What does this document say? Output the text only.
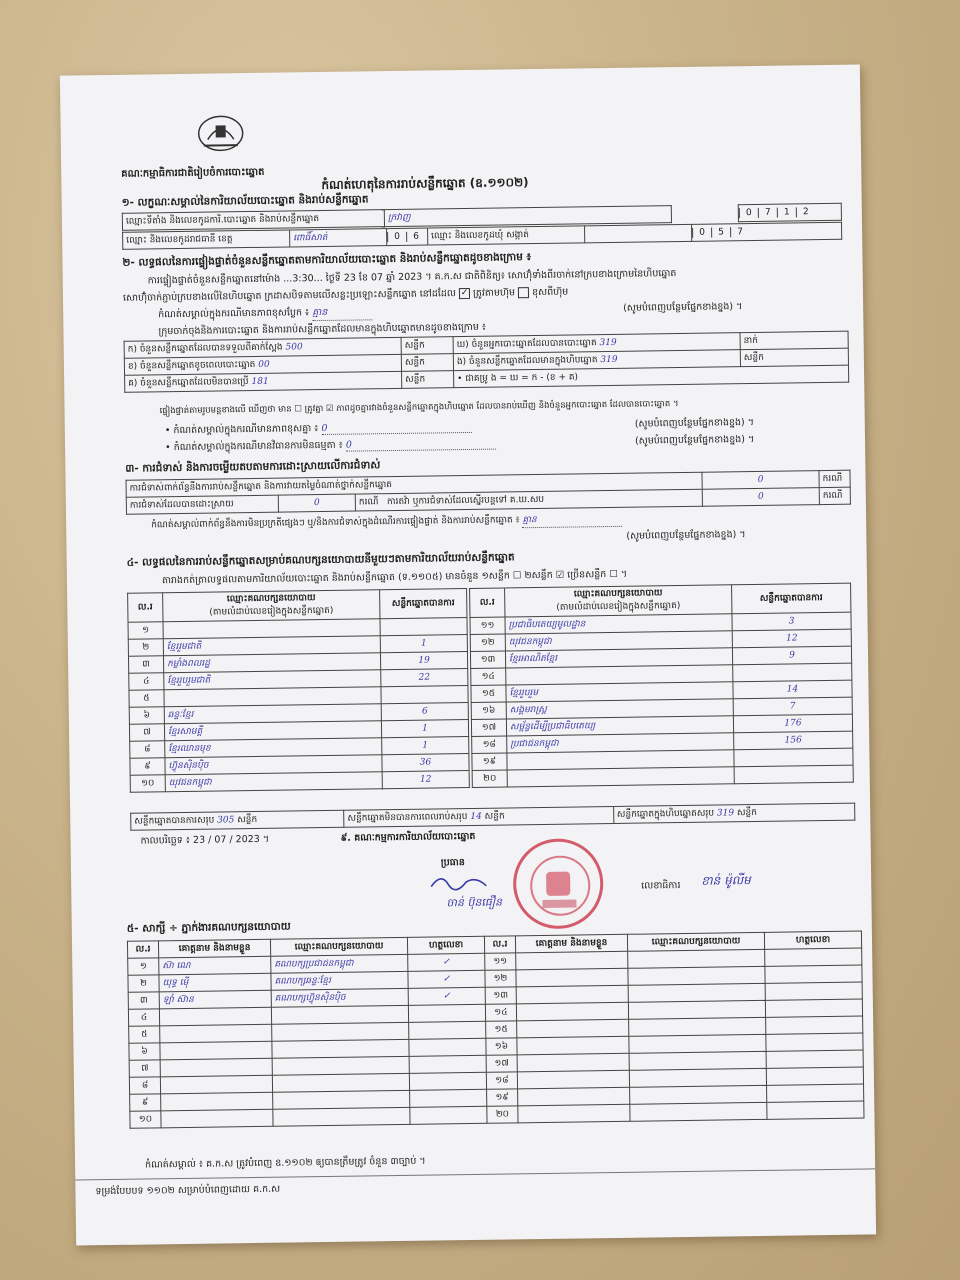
គណៈកម្មាធិការជាតិរៀបចំការបោះឆ្នោត
កំណត់ហេតុនៃការរាប់សន្លឹកឆ្នោត (ឧ.១១០២)
១- លក្ខណៈសម្គាល់នៃការិយាល័យបោះឆ្នោត និងរាប់សន្លឹកឆ្នោត
ឈ្មោះទីតាំង និងលេខកូដការិ.បោះឆ្នោត និងរាប់សន្លឹកឆ្នោត	ក្រវាញ		0 7 1 2
ឈ្មោះ និងលេខកូដរាជធានី ខេត្ត	ពោធិ៍សាត់	0 6	ឈ្មោះ និងលេខកូដឃុំ សង្កាត់		0 5 7
២- លទ្ធផលនៃការផ្ទៀងផ្ទាត់ចំនួនសន្លឹកឆ្នោតតាមការិយាល័យបោះឆ្នោត និងរាប់សន្លឹកឆ្នោតដូចខាងក្រោម ៖
ការផ្ទៀងផ្ទាត់ចំនួនសន្លឹកឆ្នោតនៅម៉ោង ...3:30... ថ្ងៃទី 23 ខែ 07 ឆ្នាំ 2023 ។ គ.ក.ស ជាតិពិនិត្យ៖ សោហ៊ុំទាំងពីរចាក់នៅក្របខាងក្រោមនៃហិបឆ្នោត
សោហ៊ុំចាក់ភ្ជាប់ក្របខាងលើនៃហិបឆ្នោត ក្រដាសបិទតាមលើសន្លះប្រឡោះសន្លឹកឆ្នោត នៅដដែល ✓ ត្រូវតាមហ៊ុម ខុសពីហ៊ុម
កំណត់សម្គាល់ក្នុងករណីមានភាពខុសប្លែក ៖ គ្មាន	(សូមបំពេញបន្ថែមផ្នែកខាងខ្នង) ។
ក្រុមចាក់ចុងនិងការបោះឆ្នោត និងការរាប់សន្លឹកឆ្នោតដែលមានក្នុងហិបឆ្នោតមានដូចខាងក្រោម ៖
ក) ចំនួនសន្លឹកឆ្នោតដែលបានទទួលពីគាក់ស្ពែង 500	សន្លឹក	ឃ) ចំនួនអ្នកបោះឆ្នោតដែលបានបោះឆ្នោត 319	នាក់
ខ) ចំនួនសន្លឹកឆ្នោតខូចពេលបោះឆ្នោត 00	សន្លឹក	ង) ចំនួនសន្លឹកឆ្នោតដែលមានក្នុងហិបឆ្នោត 319	សន្លឹក
គ) ចំនួនសន្លឹកឆ្នោតដែលមិនបានប្រើ 181	សន្លឹក	• ជាគម្រូ ង = ឃ = ក - (ខ + គ)	
ផ្ទៀងផ្ទាត់តាមរូបមន្តខាងលើ ឃើញថា មាន ☐ ត្រូវគ្នា ☑ ភាពដូចគ្នារវាងចំនួនសន្លឹកឆ្នោតក្នុងហិបឆ្នោត ដែលបានរាប់ឃើញ និងចំនួនអ្នកបោះឆ្នោត ដែលបានបោះឆ្នោត ។
• កំណត់សម្គាល់ក្នុងករណីមានភាពខុសគ្នា ៖ 0	(សូមបំពេញបន្ថែមផ្នែកខាងខ្នង) ។
• កំណត់សម្គាល់ក្នុងករណីមានវិធានការមិនធម្មតា ៖ 0	(សូមបំពេញបន្ថែមផ្នែកខាងខ្នង) ។
៣- ការជំទាស់ និងការចម្លើយតបតាមការដោះស្រាយលើការជំទាស់
ការជំទាស់ពាក់ព័ន្ធនឹងការរាប់សន្លឹកឆ្នោត និងការវាយតម្លៃចំណាត់ថ្នាក់សន្លឹកឆ្នោត			0	ករណី
ការជំទាស់ដែលបានដោះស្រាយ	0	ករណី ការតវ៉ា ឬការជំទាស់ដែលស្នើរបន្តទៅ គ.ឃ.សប	0	ករណី
កំណត់សម្គាល់ពាក់ព័ន្ធនឹងការមិនប្រក្រតីផ្សេងៗ ឬ/និងការជំទាស់ក្នុងដំណើរការផ្ទៀងផ្ទាត់ និងការរាប់សន្លឹកឆ្នោត ៖ គ្មាន
(សូមបំពេញបន្ថែមផ្នែកខាងខ្នង) ។
៤- លទ្ធផលនៃការរាប់សន្លឹកឆ្នោតសម្រាប់គណបក្សនយោបាយនីមួយៗតាមការិយាល័យរាប់សន្លឹកឆ្នោត
តារាងកត់ត្រាលទ្ធផលតាមការិយាល័យបោះឆ្នោត និងរាប់សន្លឹកឆ្នោត (ទ.១១០៥) មានចំនួន ១សន្លឹក ☐ ២សន្លឹក ☑ ច្រើនសន្លឹក ☐ ។
ល.រ	ឈ្មោះគណបក្សនយោបាយ
(តាមលំដាប់លេខរៀងក្នុងសន្លឹកឆ្នោត)	សន្លឹកឆ្នោតបានការ
១		
២	ខ្មែររួមជាតិ	1
៣	កម្លាំងពលរដ្ឋ	19
៤	ខ្មែររួបរួមជាតិ	22
៥		
៦	ឆន្ទៈខ្មែរ	6
៧	ខ្មែរសាមគ្គី	1
៨	ខ្មែរឈានមុខ	1
៩	ហ៊្វុនស៊ិនប៉ិច	36
១០	យុវជនកម្ពុជា	12
ល.រ	ឈ្មោះគណបក្សនយោបាយ
(តាមលំដាប់លេខរៀងក្នុងសន្លឹកឆ្នោត)	សន្លឹកឆ្នោតបានការ
១១	ប្រជាធិបតេយ្យមូលដ្ឋាន	3
១២	យុវជនកម្ពុជា	12
១៣	ខ្មែរអាណិតខ្មែរ	9
១៤		
១៥	ខ្មែររួបរួម	14
១៦	សង្គមរាស្ត្រ	7
១៧	សម្ព័ន្ធដើម្បីប្រជាធិបតេយ្យ	176
១៨	ប្រជាជនកម្ពុជា	156
១៩		
២០		
សន្លឹកឆ្នោតបានការសរុប 305 សន្លឹក	សន្លឹកឆ្នោតមិនបានការពេលរាប់សរុប 14 សន្លឹក	សន្លឹកឆ្នោតក្នុងហិបឆ្នោតសរុប 319 សន្លឹក
កាលបរិច្ឆេទ ៖ 23 / 07 / 2023 ។	៩. គណៈកម្មការការិយាល័យបោះឆ្នោត
ប្រធាន
ចាន់ ប៊ុនធឿន
លេខាធិការ ខាន់ ម៉ូលីម
៥- សាក្សី ÷ ភ្នាក់ងារគណបក្សនយោបាយ
ល.រ	គោត្តនាម និងនាមខ្លួន	ឈ្មោះគណបក្សនយោបាយ	ហត្ថលេខា	ល.រ	គោត្តនាម និងនាមខ្លួន	ឈ្មោះគណបក្សនយោបាយ	ហត្ថលេខា
១	ស៊ា ណេ	គណបក្សប្រជាជនកម្ពុជា	✓	១១			
២	យុទ្ធ ម៉ើ	គណបក្សឆន្ទៈខ្មែរ	✓	១២			
៣	ឡាំ ស៊ាន	គណបក្សហ៊្វុនស៊ិនប៉ិច	✓	១៣			
៤				១៤			
៥				១៥			
៦				១៦			
៧				១៧			
៨				១៨			
៩				១៩			
១០				២០			
កំណត់សម្គាល់ ៖ គ.ក.ស ត្រូវបំពេញ ឧ.១១០២ ឲ្យបានត្រឹមត្រូវ ចំនួន ៣ច្បាប់ ។
ទម្រង់បែបបទ ១១០២ សម្រាប់បំពេញដោយ គ.ក.ស
